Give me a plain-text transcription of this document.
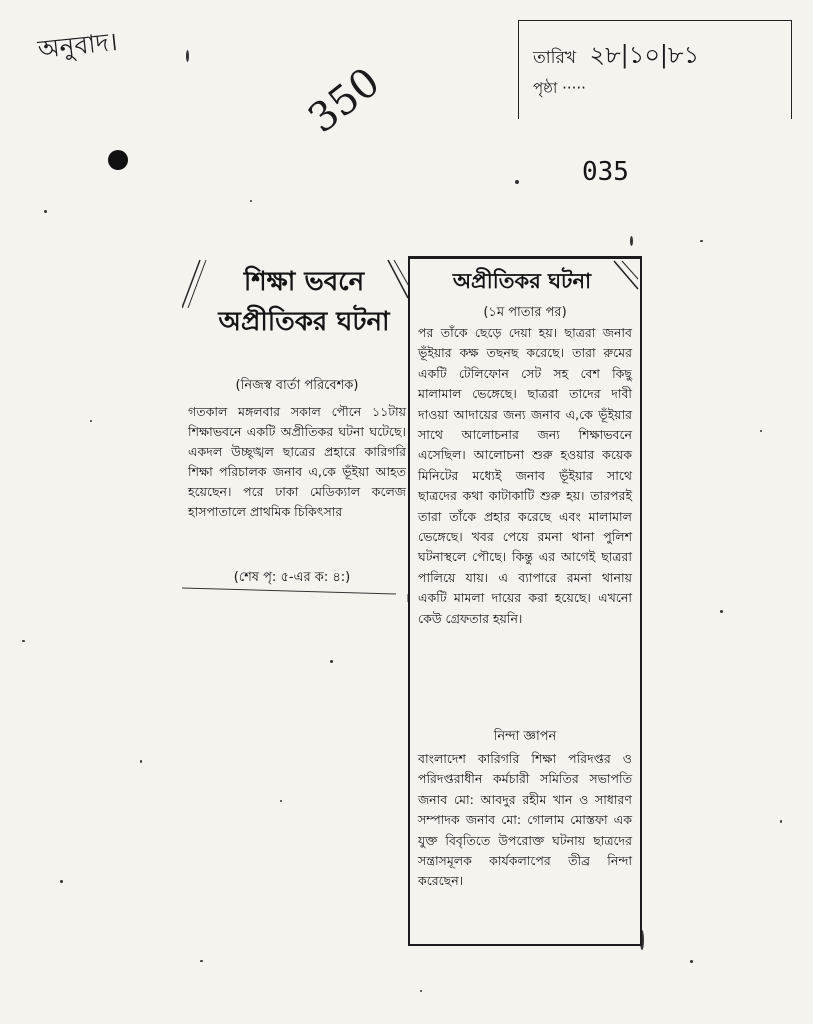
অনুবাদ।
350
তারিখ ২৮|১০|৮১
পৃষ্ঠা ·····
035
শিক্ষা ভবনে অপ্রীতিকর ঘটনা
(নিজস্ব বার্তা পরিবেশক)
গতকাল মঙ্গলবার সকাল পৌনে ১১টায় শিক্ষাভবনে একটি অপ্রীতিকর ঘটনা ঘটেছে। একদল উচ্ছৃঙ্খল ছাত্রের প্রহারে কারিগরি শিক্ষা পরিচালক জনাব এ,কে ভূঁইয়া আহত হয়েছেন। পরে ঢাকা মেডিক্যাল কলেজ হাসপাতালে প্রাথমিক চিকিৎসার
(শেষ পৃ: ৫-এর ক: ৪:)
অপ্রীতিকর ঘটনা
(১ম পাতার পর)
পর তাঁকে ছেড়ে দেয়া হয়। ছাত্ররা জনাব ভূঁইয়ার কক্ষ তছনছ করেছে। তারা রুমের একটি টেলিফোন সেট সহ বেশ কিছু মালামাল ভেঙ্গেছে। ছাত্ররা তাদের দাবী দাওয়া আদায়ের জন্য জনাব এ,কে ভূঁইয়ার সাথে আলোচনার জন্য শিক্ষাভবনে এসেছিল। আলোচনা শুরু হওয়ার কয়েক মিনিটের মধ্যেই জনাব ভূঁইয়ার সাথে ছাত্রদের কথা কাটাকাটি শুরু হয়। তারপরই তারা তাঁকে প্রহার করেছে এবং মালামাল ভেঙ্গেছে। খবর পেয়ে রমনা থানা পুলিশ ঘটনাস্থলে পৌছে। কিন্তু এর আগেই ছাত্ররা পালিয়ে যায়। এ ব্যাপারে রমনা থানায় একটি মামলা দায়ের করা হয়েছে। এখনো কেউ গ্রেফতার হয়নি।
নিন্দা জ্ঞাপন
বাংলাদেশ কারিগরি শিক্ষা পরিদপ্তর ও পরিদপ্তরাধীন কর্মচারী সমিতির সভাপতি জনাব মো: আবদুর রহীম খান ও সাধারণ সম্পাদক জনাব মো: গোলাম মোস্তফা এক যুক্ত বিবৃতিতে উপরোক্ত ঘটনায় ছাত্রদের সন্ত্রাসমূলক কার্যকলাপের তীব্র নিন্দা করেছেন।
